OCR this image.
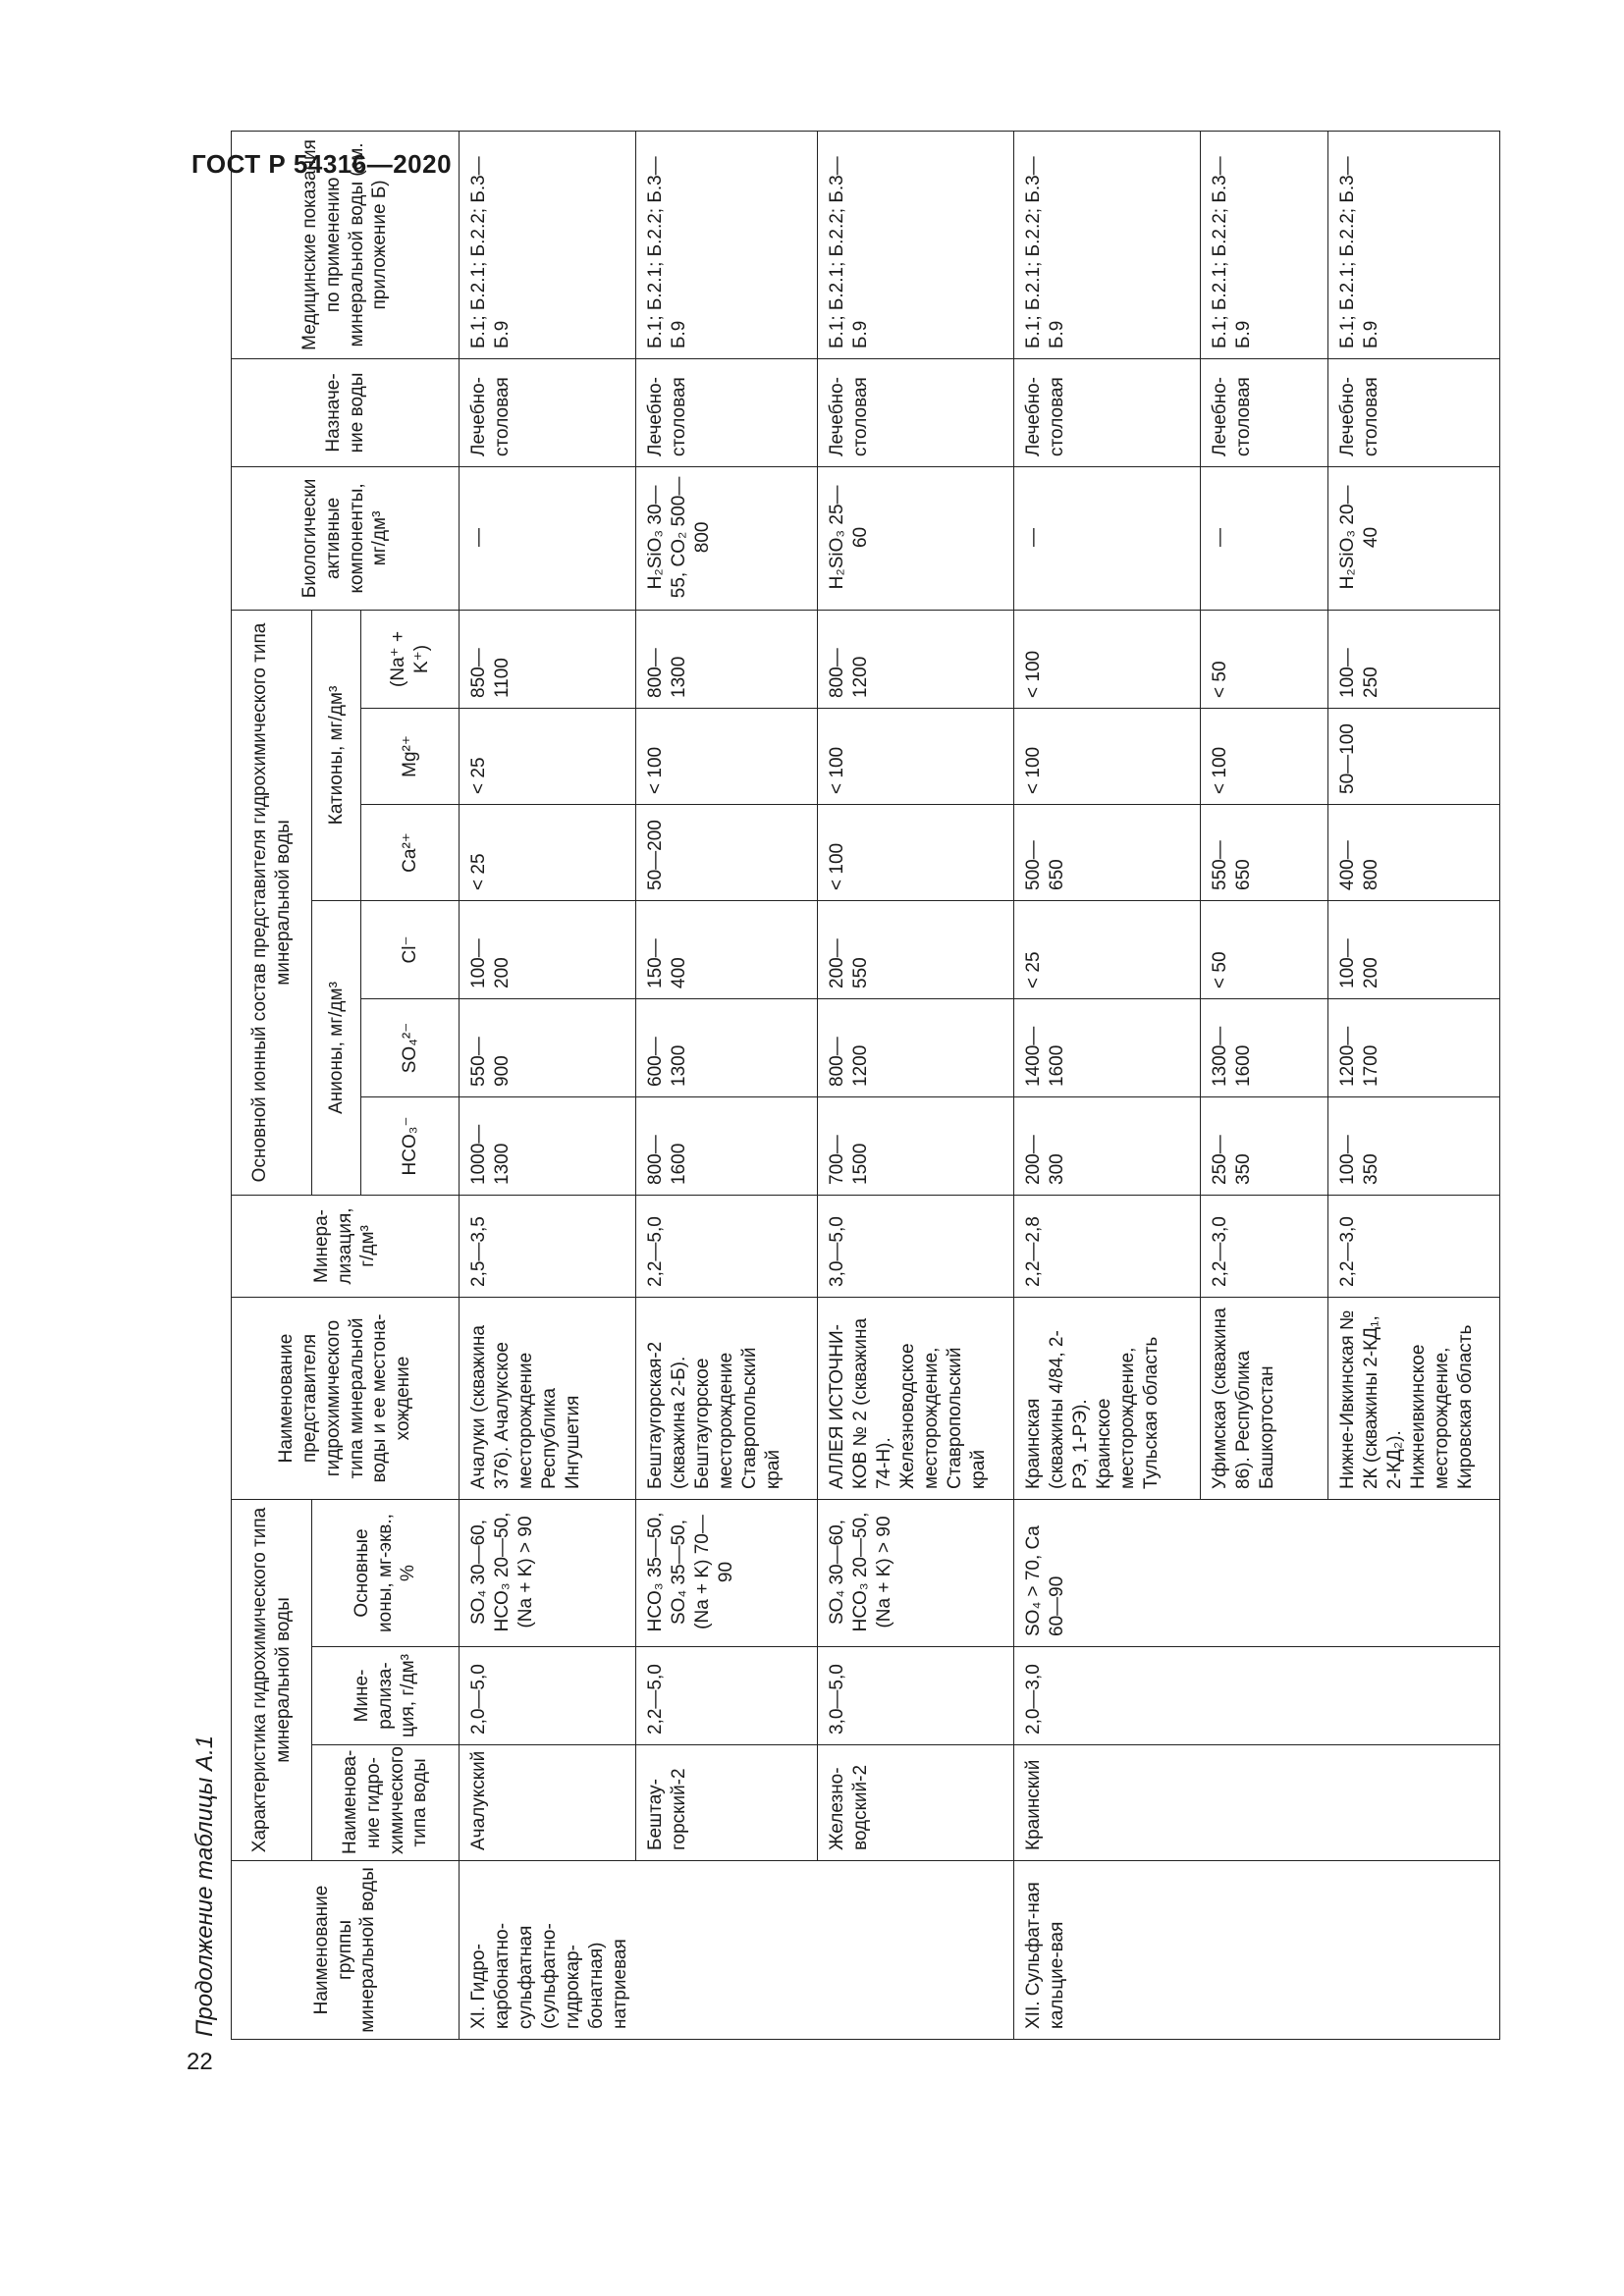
ГОСТ Р 54316—2020
22
Продолжение таблицы А.1	Наименование группы минеральной воды	Характеристика гидрохимического типа минеральной воды			Наименование представителя гидрохимического типа минеральной воды и ее местона-хождение	Минера-лизация, г/дм³	Основной ионный состав представителя гидрохимического типа минеральной воды						Биологически активные компоненты, мг/дм³	Назначе-ние воды	Медицинские показания по применению минеральной воды (см. приложение Б)
	Наименова-ние гидро-химического типа воды	Мине-рализа-ция, г/дм³	Основные ионы, мг-экв., %			Анионы, мг/дм³			Катионы, мг/дм³					
						HCO₃⁻	SO₄²⁻	Cl⁻	Ca²⁺	Mg²⁺	(Na⁺ + K⁺)			
XI. Гидро-карбонатно-сульфатная (сульфатно-гидрокар-бонатная) натриевая	Ачалукский	2,0—5,0	SO₄ 30—60, HCO₃ 20—50, (Na + K) > 90	Ачалуки (скважина 376). Ачалукское месторождение Республика Ингушетия	2,5—3,5	1000—1300	550—900	100—200	< 25	< 25	850—1100	—	Лечебно-столовая	Б.1; Б.2.1; Б.2.2; Б.3—Б.9
	Бештау-горский-2	2,2—5,0	HCO₃ 35—50, SO₄ 35—50, (Na + K) 70—90	Бештаугорская-2 (скважина 2-Б). Бештаугорское месторождение Ставропольский край	2,2—5,0	800—1600	600—1300	150—400	50—200	< 100	800—1300	H₂SiO₃ 30—55, CO₂ 500—800	Лечебно-столовая	Б.1; Б.2.1; Б.2.2; Б.3—Б.9
	Железно-водский-2	3,0—5,0	SO₄ 30—60, HCO₃ 20—50, (Na + K) > 90	АЛЛЕЯ ИСТОЧНИ-КОВ № 2 (скважина 74-Н). Железноводское месторождение, Ставропольский край	3,0—5,0	700—1500	800—1200	200—550	< 100	< 100	800—1200	H₂SiO₃ 25—60	Лечебно-столовая	Б.1; Б.2.1; Б.2.2; Б.3—Б.9
XII. Сульфат-ная кальцие-вая	Краинский	2,0—3,0	SO₄ > 70, Ca 60—90	Краинская (скважины 4/84, 2-РЭ, 1-РЭ). Краинское месторождение, Тульская область	2,2—2,8	200—300	1400—1600	< 25	500—650	< 100	< 100	—	Лечебно-столовая	Б.1; Б.2.1; Б.2.2; Б.3—Б.9
				Уфимская (скважина 86). Республика Башкортостан	2,2—3,0	250—350	1300—1600	< 50	550—650	< 100	< 50	—	Лечебно-столовая	Б.1; Б.2.1; Б.2.2; Б.3—Б.9
				Нижне-Ивкинская № 2К (скважины 2-КД₁, 2-КД₂). Нижнеивкинское месторождение, Кировская область	2,2—3,0	100—350	1200—1700	100—200	400—800	50—100	100—250	H₂SiO₃ 20—40	Лечебно-столовая	Б.1; Б.2.1; Б.2.2; Б.3—Б.9
